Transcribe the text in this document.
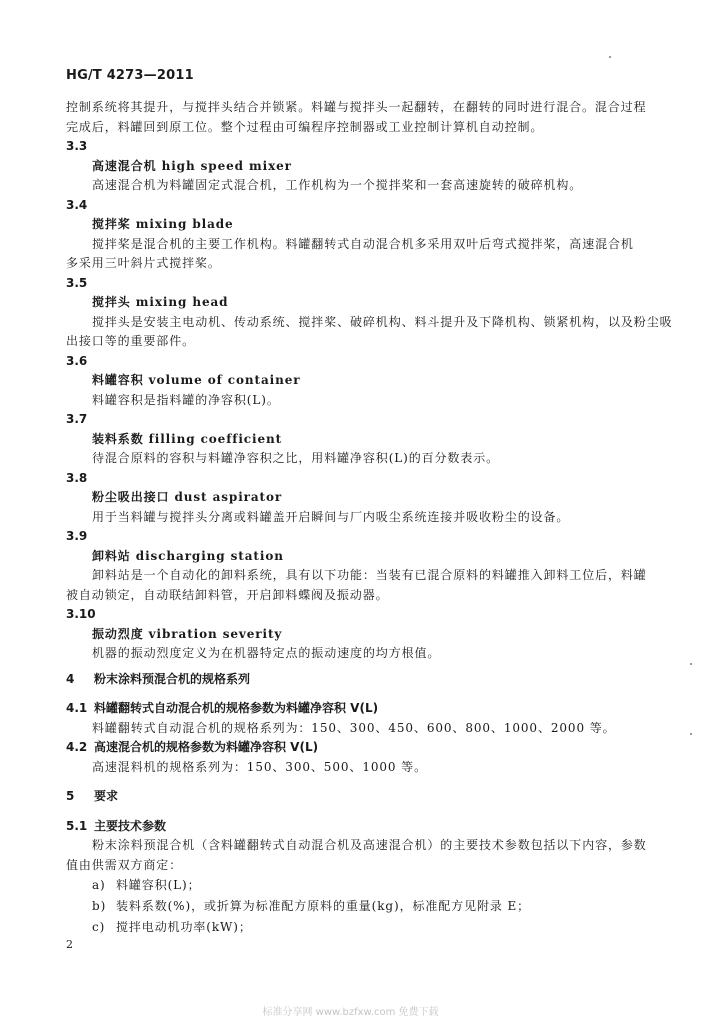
HG/T 4273—2011

控制系统将其提升，与搅拌头结合并锁紧。料罐与搅拌头一起翻转，在翻转的同时进行混合。混合过程

完成后，料罐回到原工位。整个过程由可编程序控制器或工业控制计算机自动控制。

3.3

高速混合机 high speed mixer

高速混合机为料罐固定式混合机，工作机构为一个搅拌桨和一套高速旋转的破碎机构。

3.4

搅拌桨 mixing blade

搅拌桨是混合机的主要工作机构。料罐翻转式自动混合机多采用双叶后弯式搅拌桨，高速混合机

多采用三叶斜片式搅拌桨。

3.5

搅拌头 mixing head

搅拌头是安装主电动机、传动系统、搅拌桨、破碎机构、料斗提升及下降机构、锁紧机构，以及粉尘吸

出接口等的重要部件。

3.6

料罐容积 volume of container

料罐容积是指料罐的净容积(L)。

3.7

装料系数 filling coefficient

待混合原料的容积与料罐净容积之比，用料罐净容积(L)的百分数表示。

3.8

粉尘吸出接口 dust aspirator

用于当料罐与搅拌头分离或料罐盖开启瞬间与厂内吸尘系统连接并吸收粉尘的设备。

3.9

卸料站 discharging station

卸料站是一个自动化的卸料系统，具有以下功能：当装有已混合原料的料罐推入卸料工位后，料罐

被自动锁定，自动联结卸料管，开启卸料蝶阀及振动器。

3.10

振动烈度 vibration severity

机器的振动烈度定义为在机器特定点的振动速度的均方根值。

4 粉末涂料预混合机的规格系列
4.1 料罐翻转式自动混合机的规格参数为料罐净容积 V(L)

料罐翻转式自动混合机的规格系列为：150、300、450、600、800、1000、2000 等。

4.2 高速混合机的规格参数为料罐净容积 V(L)

高速混料机的规格系列为：150、300、500、1000 等。

5 要求
5.1 主要技术参数

粉末涂料预混合机（含料罐翻转式自动混合机及高速混合机）的主要技术参数包括以下内容，参数

值由供需双方商定：

a) 料罐容积(L)；
b) 装料系数(%)，或折算为标准配方原料的重量(kg)，标准配方见附录 E；
c) 搅拌电动机功率(kW)；
2
标准分享网 www.bzfxw.com 免费下载
